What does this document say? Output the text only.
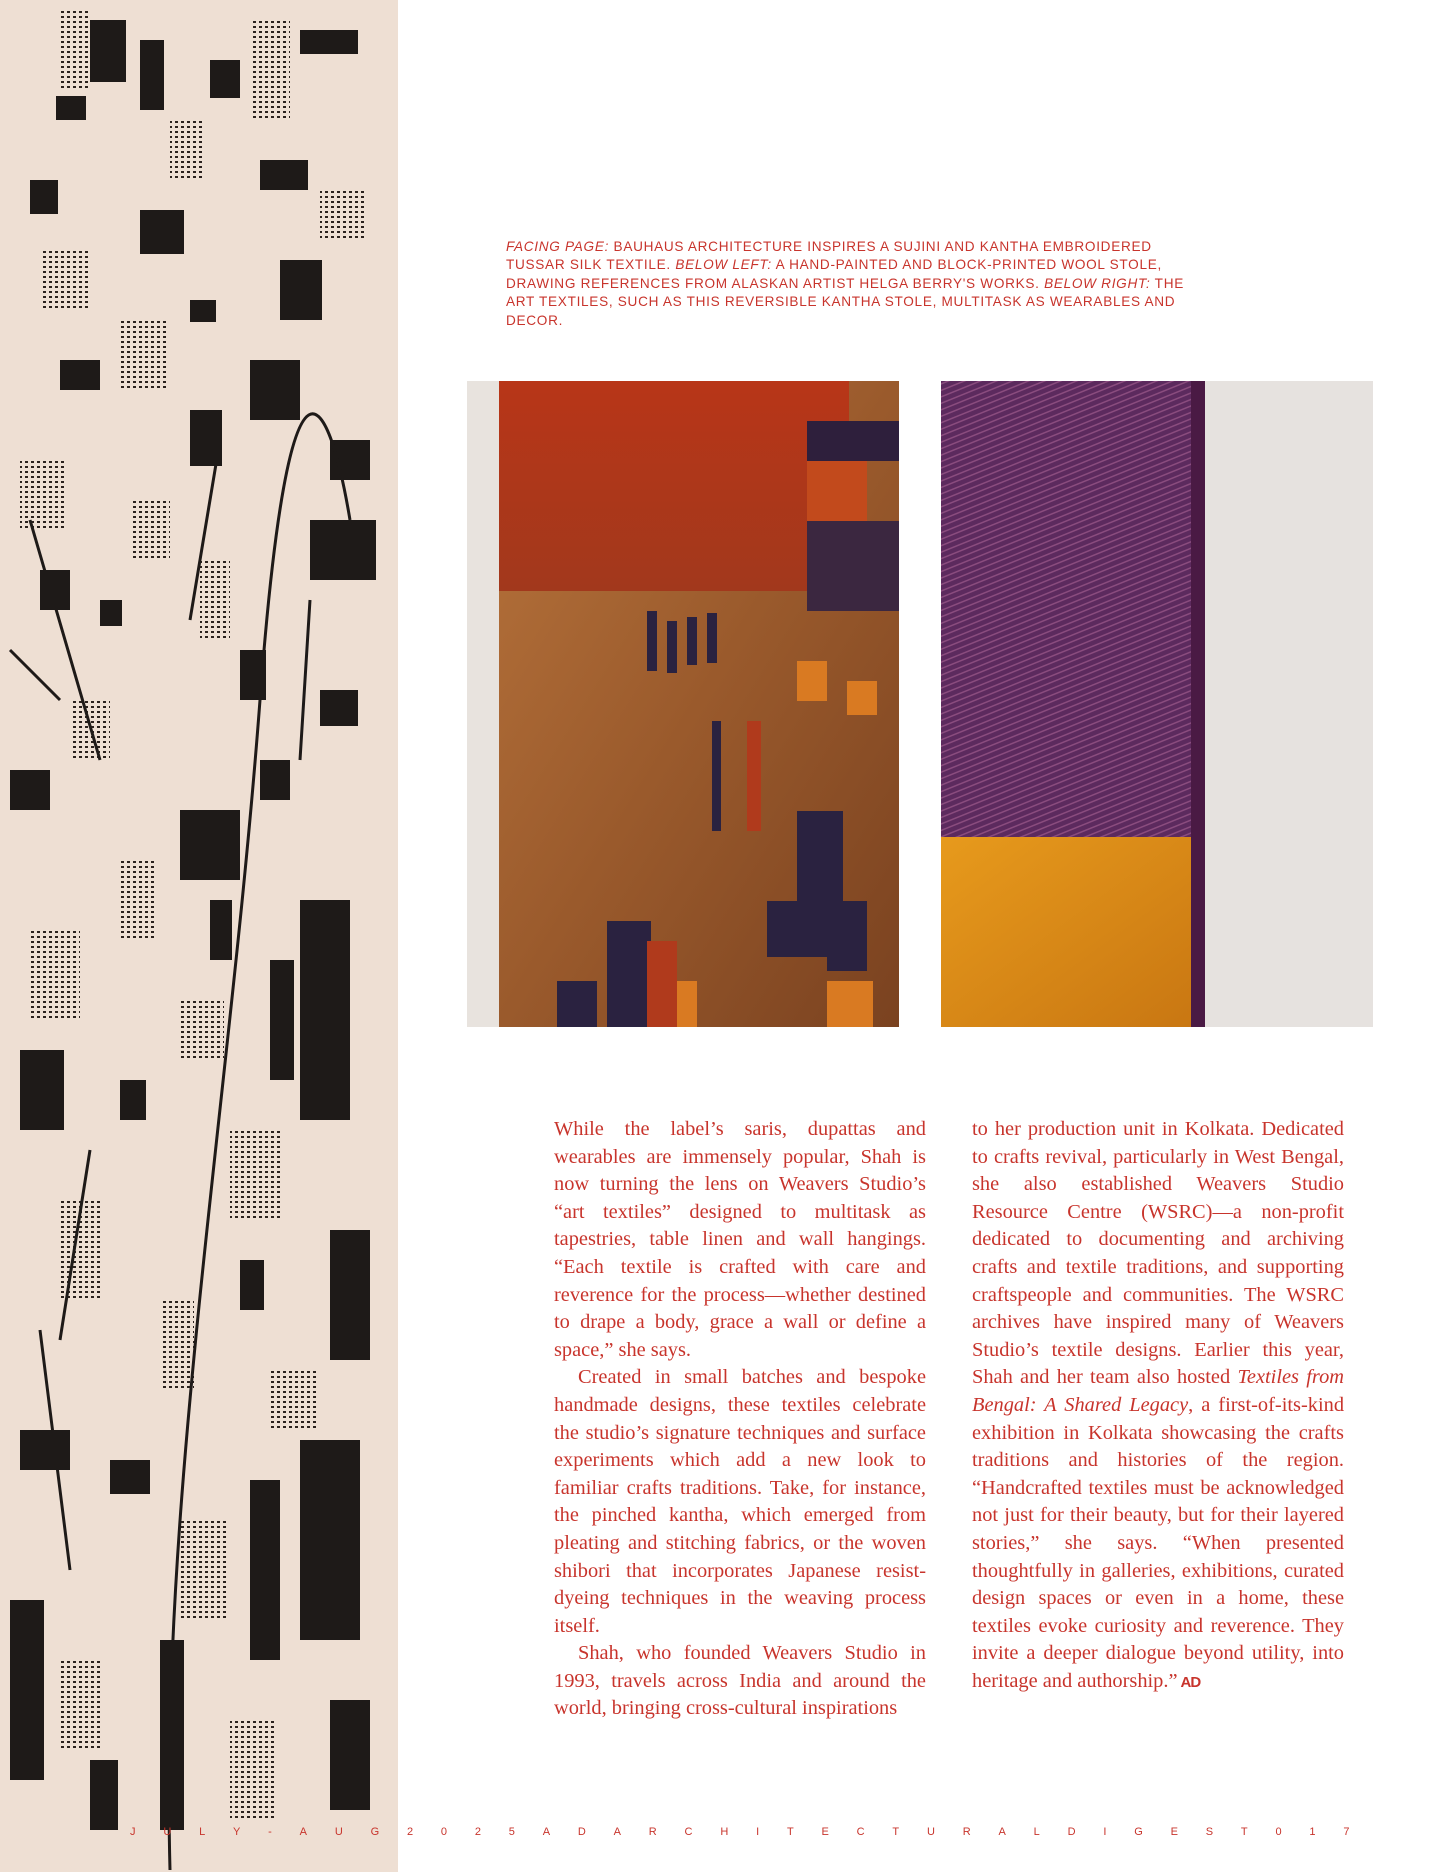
FACING PAGE: BAUHAUS ARCHITECTURE INSPIRES A SUJINI AND KANTHA EMBROIDERED TUSSAR SILK TEXTILE. BELOW LEFT: A HAND-PAINTED AND BLOCK-PRINTED WOOL STOLE, DRAWING REFERENCES FROM ALASKAN ARTIST HELGA BERRY'S WORKS. BELOW RIGHT: THE ART TEXTILES, SUCH AS THIS REVERSIBLE KANTHA STOLE, MULTITASK AS WEARABLES AND DECOR.

While the label’s saris, dupattas and wearables are immensely popular, Shah is now turning the lens on Weavers Studio’s “art textiles” designed to multitask as tapestries, table linen and wall hangings. “Each textile is crafted with care and reverence for the process—whether destined to drape a body, grace a wall or define a space,” she says.

Created in small batches and bespoke handmade designs, these textiles celebrate the studio’s signature techniques and surface experiments which add a new look to familiar crafts traditions. Take, for instance, the pinched kantha, which emerged from pleating and stitching fabrics, or the woven shibori that incorporates Japanese resist-dyeing techniques in the weaving process itself.

Shah, who founded Weavers Studio in 1993, travels across India and around the world, bringing cross-cultural inspirations

to her production unit in Kolkata. Dedicated to crafts revival, particularly in West Bengal, she also established Weavers Studio Resource Centre (WSRC)—a non-profit dedicated to documenting and archiving crafts and textile traditions, and supporting craftspeople and communities. The WSRC archives have inspired many of Weavers Studio’s textile designs. Earlier this year, Shah and her team also hosted Textiles from Bengal: A Shared Legacy, a first-of-its-kind exhibition in Kolkata showcasing the crafts traditions and histories of the region. “Handcrafted textiles must be acknowledged not just for their beauty, but for their layered stories,” she says. “When presented thoughtfully in galleries, exhibitions, curated design spaces or even in a home, these textiles evoke curiosity and reverence. They invite a deeper dialogue beyond utility, into heritage and authorship.” AD

J	U	L	Y	-	A	U	G	2	0	2	5	A	D	A	R	C	H	I	T	E	C	T	U	R	A	L	D	I	G	E	S	T	0	1	7
